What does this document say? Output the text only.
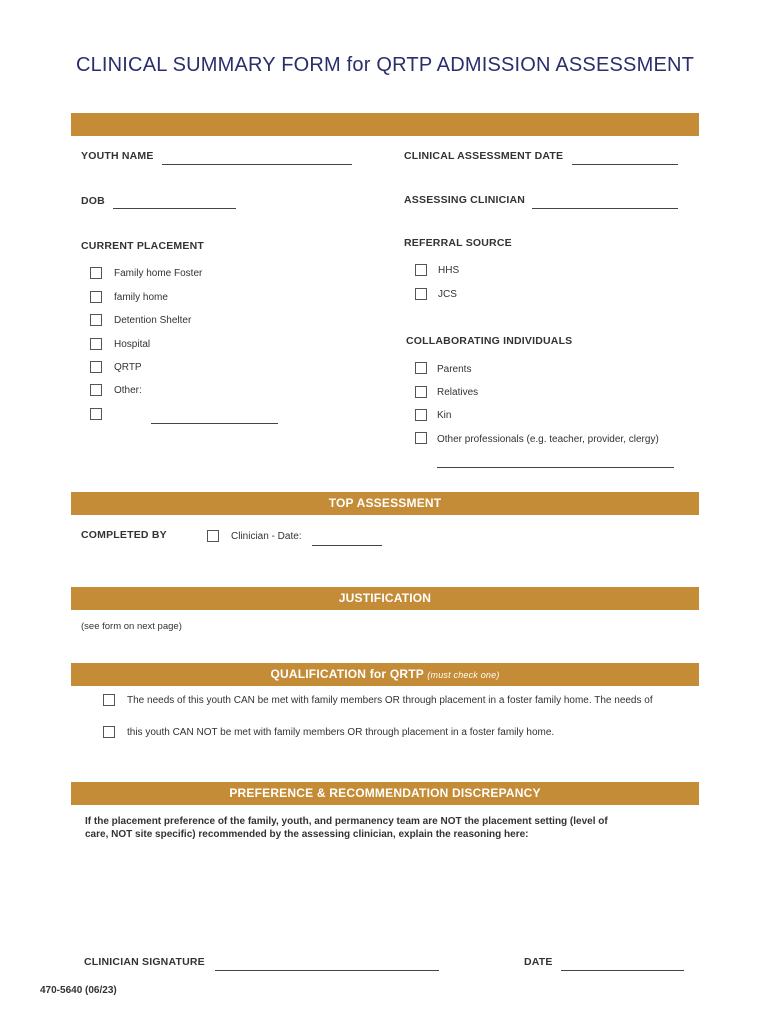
CLINICAL SUMMARY FORM for QRTP ADMISSION ASSESSMENT
YOUTH NAME	CLINICAL ASSESSMENT DATE
DOB	ASSESSING CLINICIAN
CURRENT PLACEMENT
Family home Foster
family home
Detention Shelter
Hospital
QRTP
Other:
REFERRAL SOURCE
HHS
JCS
COLLABORATING INDIVIDUALS
Parents
Relatives
Kin
Other professionals (e.g. teacher, provider, clergy)
TOP ASSESSMENT
COMPLETED BY	Clinician - Date:
JUSTIFICATION
(see form on next page)
QUALIFICATION for QRTP (must check one)
The needs of this youth CAN be met with family members OR through placement in a foster family home. The needs of
this youth CAN NOT be met with family members OR through placement in a foster family home.
PREFERENCE & RECOMMENDATION DISCREPANCY
If the placement preference of the family, youth, and permanency team are NOT the placement setting (level of
care, NOT site specific) recommended by the assessing clinician, explain the reasoning here:
CLINICIAN SIGNATURE	DATE
470-5640 (06/23)
